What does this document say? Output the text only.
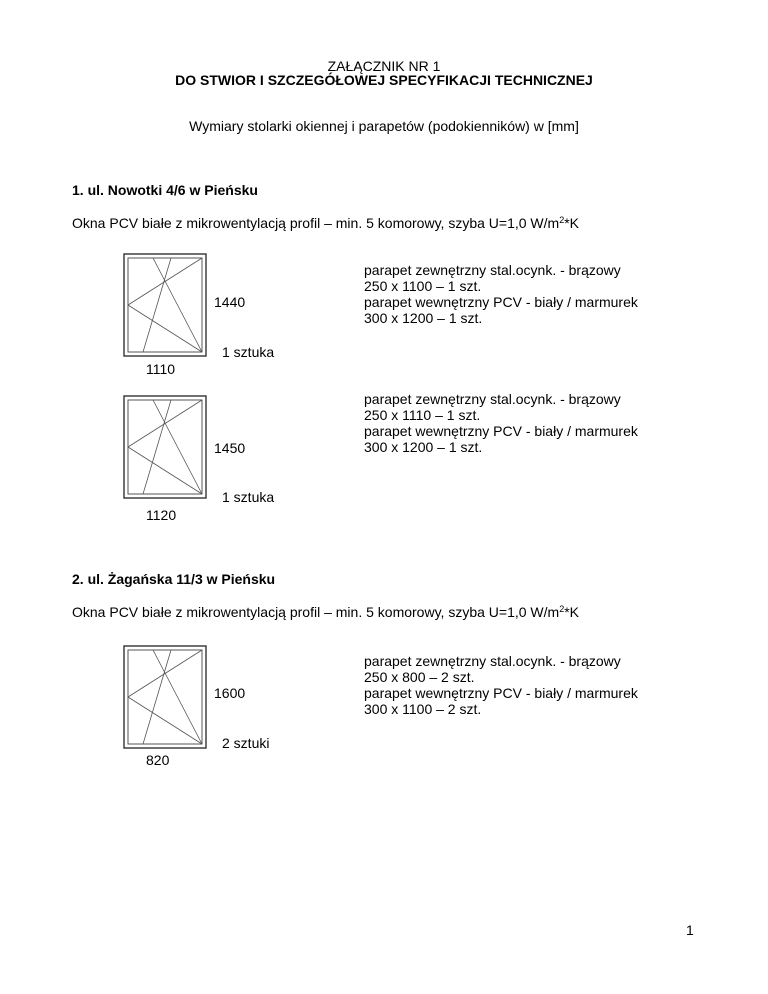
ZAŁĄCZNIK NR 1
DO STWIOR I SZCZEGÓŁOWEJ SPECYFIKACJI TECHNICZNEJ
Wymiary stolarki okiennej i parapetów (podokienników) w [mm]
1. ul. Nowotki 4/6 w Pieńsku
Okna PCV białe z mikrowentylacją profil – min. 5 komorowy, szyba U=1,0 $W/m^2*K$
1440
1110
1 sztuka
parapet zewnętrzny stal.ocynk. - brązowy
250 x 1100 – 1 szt.
parapet wewnętrzny PCV - biały / marmurek
300 x 1200 – 1 szt.
1450
1120
1 sztuka
parapet zewnętrzny stal.ocynk. - brązowy
250 x 1110 – 1 szt.
parapet wewnętrzny PCV - biały / marmurek
300 x 1200 – 1 szt.
2. ul. Żagańska 11/3 w Pieńsku
Okna PCV białe z mikrowentylacją profil – min. 5 komorowy, szyba U=1,0 $W/m^2*K$
1600
820
2 sztuki
parapet zewnętrzny stal.ocynk. - brązowy
250 x 800 – 2 szt.
parapet wewnętrzny PCV - biały / marmurek
300 x 1100 – 2 szt.
1
